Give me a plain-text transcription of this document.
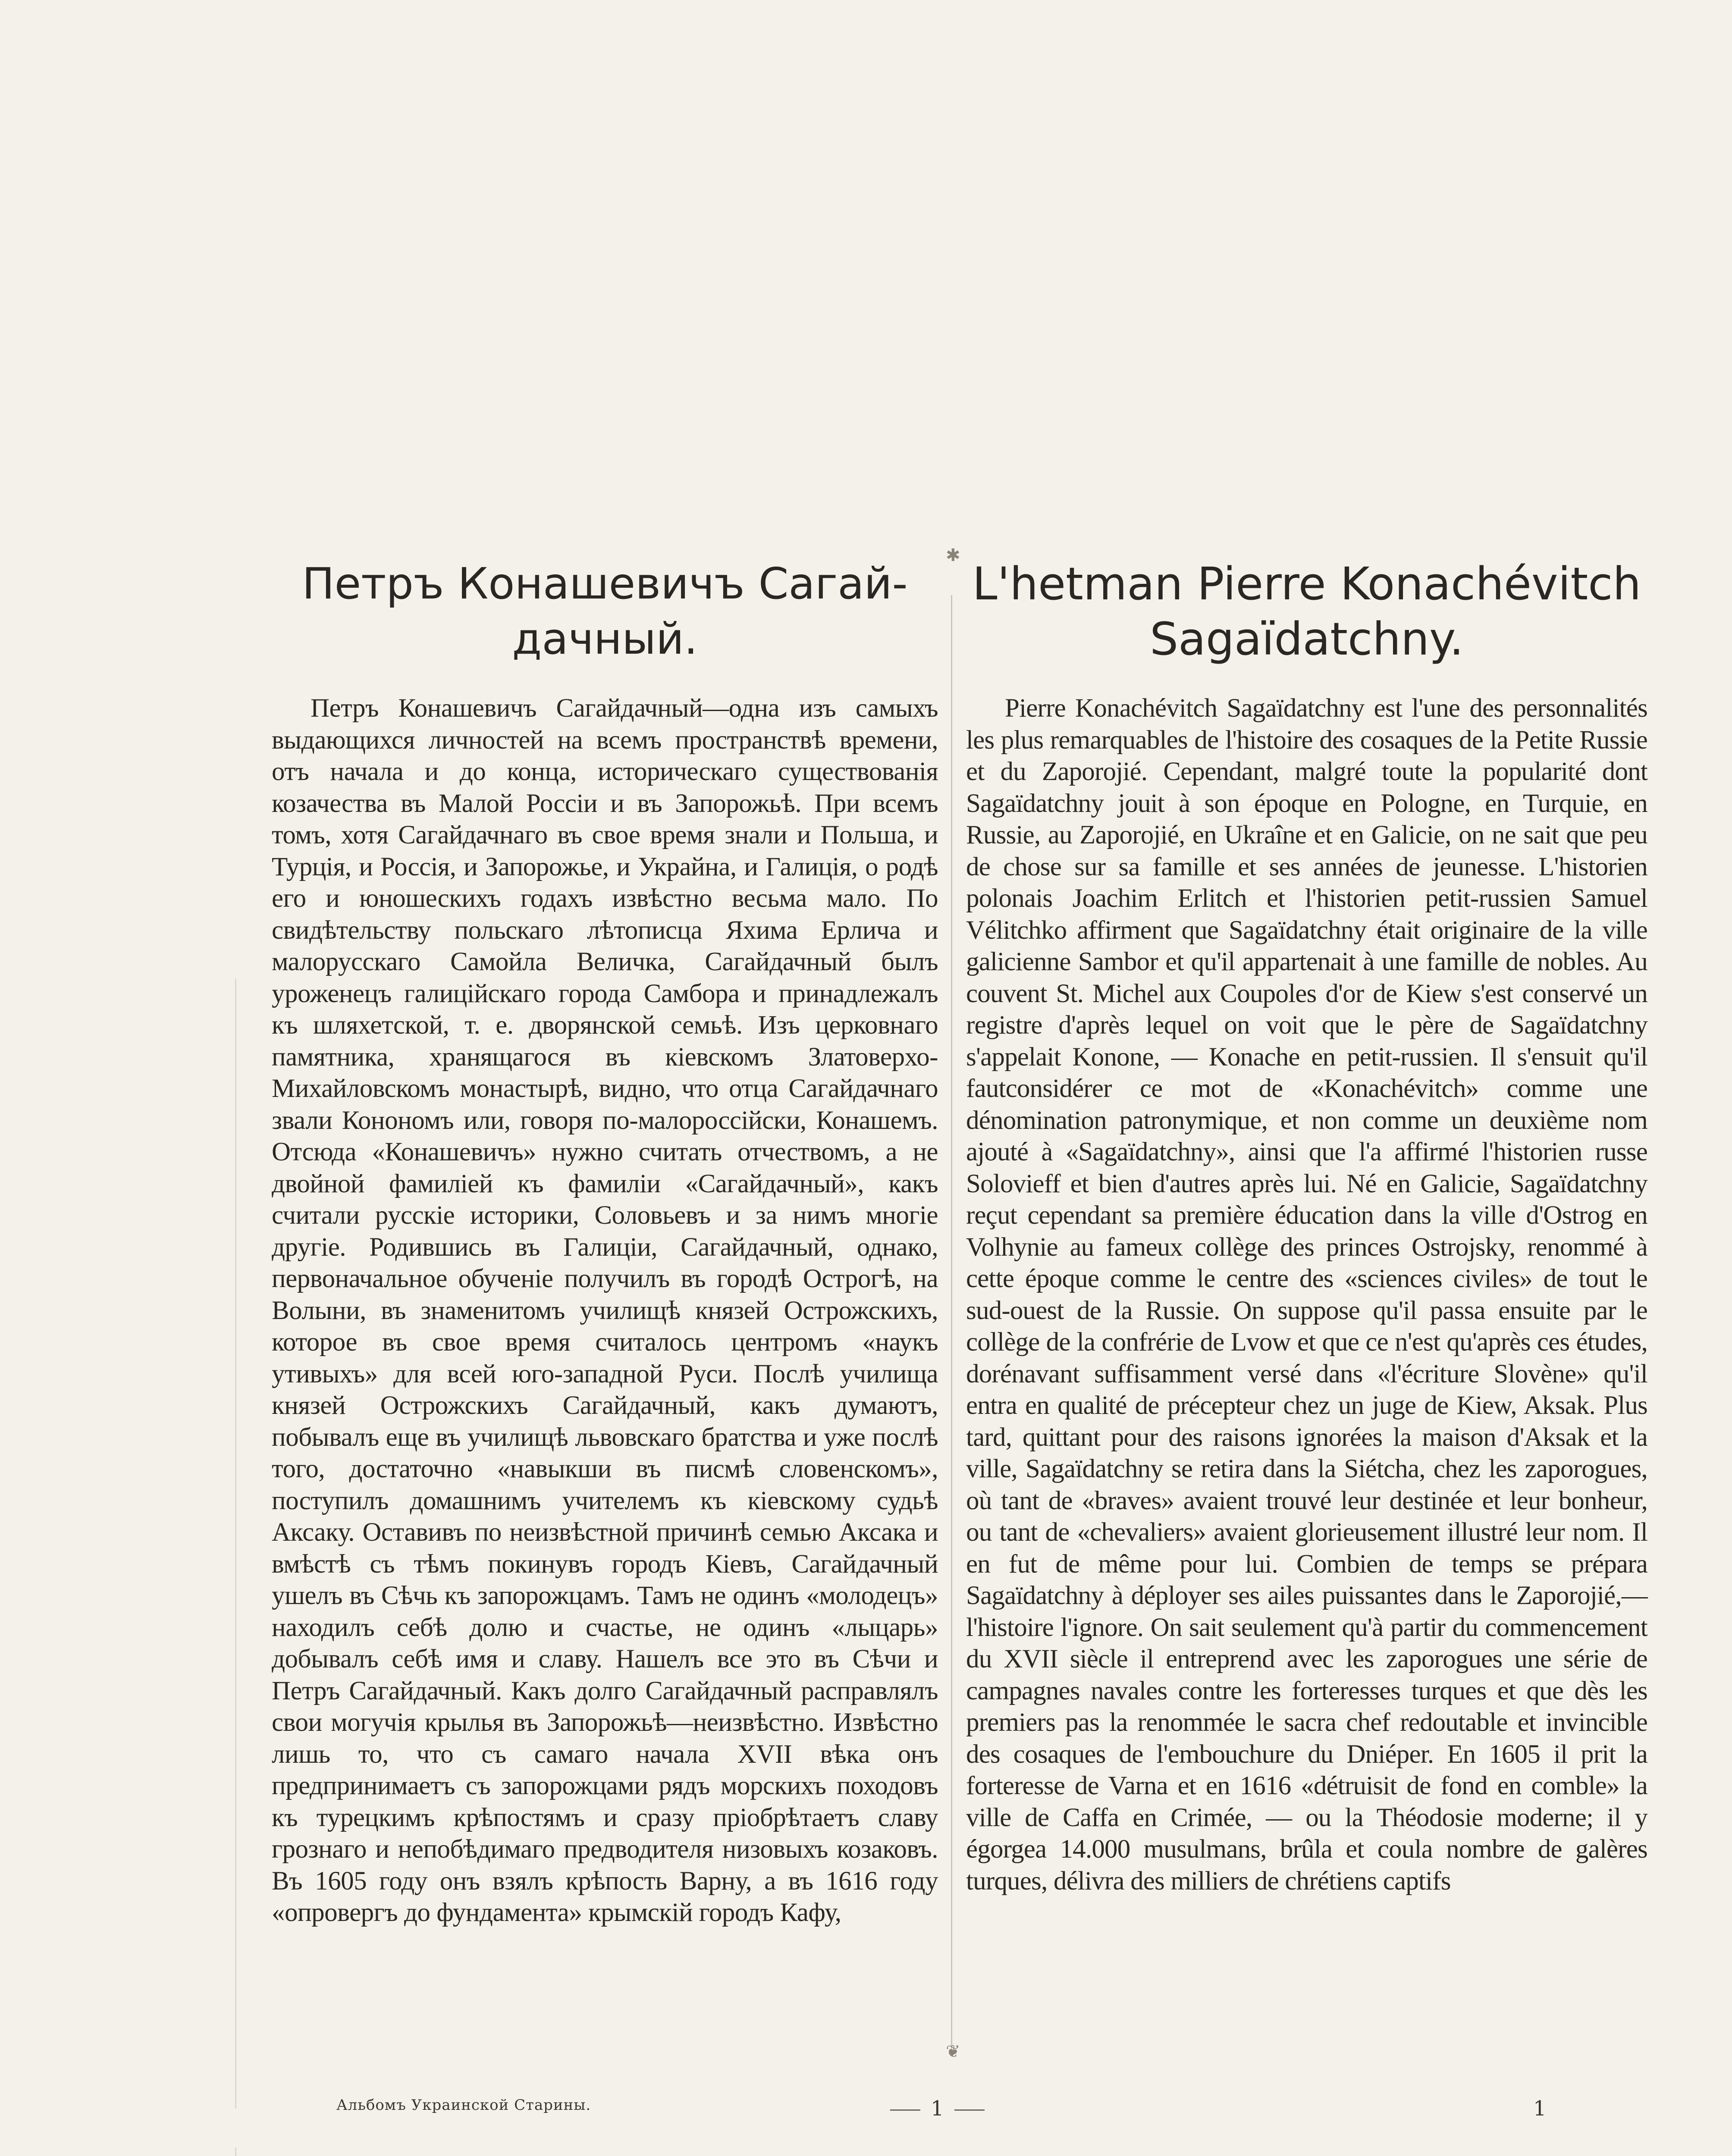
Петръ Конашевичъ Сагай-дачный.

Петръ Конашевичъ Сагайдачный—одна изъ самыхъ выдающихся личностей на всемъ пространствѣ времени, отъ начала и до конца, историческаго существованія козачества въ Малой Россіи и въ Запорожьѣ. При всемъ томъ, хотя Сагайдачнаго въ свое время знали и Польша, и Турція, и Россія, и Запорожье, и Украйна, и Галиція, о родѣ его и юношескихъ годахъ извѣстно весьма мало. По свидѣтельству польскаго лѣтописца Яхима Ерлича и малорусскаго Самойла Величка, Сагайдачный былъ уроженецъ галиційскаго города Самбора и принадлежалъ къ шляхетской, т. е. дворянской семьѣ. Изъ церковнаго памятника, хранящагося въ кіевскомъ Златоверхо-Михайловскомъ монастырѣ, видно, что отца Сагайдачнаго звали Конономъ или, говоря по-малороссійски, Конашемъ. Отсюда «Конашевичъ» нужно считать отчествомъ, а не двойной фамиліей къ фамиліи «Сагайдачный», какъ считали русскіе историки, Соловьевъ и за нимъ многіе другіе. Родившись въ Галиціи, Сагайдачный, однако, первоначальное обученіе получилъ въ городѣ Острогѣ, на Волыни, въ знаменитомъ училищѣ князей Острожскихъ, которое въ свое время считалось центромъ «наукъ утивыхъ» для всей юго-западной Руси. Послѣ училища князей Острожскихъ Сагайдачный, какъ думаютъ, побывалъ еще въ училищѣ львовскаго братства и уже послѣ того, достаточно «навыкши въ писмѣ словенскомъ», поступилъ домашнимъ учителемъ къ кіевскому судьѣ Аксаку. Оставивъ по неизвѣстной причинѣ семью Аксака и вмѣстѣ съ тѣмъ покинувъ городъ Кіевъ, Сагайдачный ушелъ въ Сѣчь къ запорожцамъ. Тамъ не одинъ «молодецъ» находилъ себѣ долю и счастье, не одинъ «лыцарь» добывалъ себѣ имя и славу. Нашелъ все это въ Сѣчи и Петръ Сагайдачный. Какъ долго Сагайдачный расправлялъ свои могучія крылья въ Запорожьѣ—неизвѣстно. Извѣстно лишь то, что съ самаго начала XVII вѣка онъ предпринимаетъ съ запорожцами рядъ морскихъ походовъ къ турецкимъ крѣпостямъ и сразу пріобрѣтаетъ славу грознаго и непобѣдимаго предводителя низовыхъ козаковъ. Въ 1605 году онъ взялъ крѣпость Варну, а въ 1616 году «опровергъ до фундамента» крымскій городъ Кафу,

✱
❦
L'hetman Pierre Konachévitch Sagaïdatchny.

Pierre Konachévitch Sagaïdatchny est l'une des personnalités les plus remarquables de l'histoire des cosaques de la Petite Russie et du Zaporojié. Cependant, malgré toute la popularité dont Sagaïdatchny jouit à son époque en Pologne, en Turquie, en Russie, au Zaporojié, en Ukraîne et en Galicie, on ne sait que peu de chose sur sa famille et ses années de jeunesse. L'historien polonais Joachim Erlitch et l'historien petit-russien Samuel Vélitchko affirment que Sagaïdatchny était originaire de la ville galicienne Sambor et qu'il appartenait à une famille de nobles. Au couvent St. Michel aux Coupoles d'or de Kiew s'est conservé un registre d'après lequel on voit que le père de Sagaïdatchny s'appelait Konone, — Konache en petit-russien. Il s'ensuit qu'il fautconsidérer ce mot de «Konachévitch» comme une dénomination patronymique, et non comme un deuxième nom ajouté à «Sagaïdatchny», ainsi que l'a affirmé l'historien russe Solovieff et bien d'autres après lui. Né en Galicie, Sagaïdatchny reçut cependant sa première éducation dans la ville d'Ostrog en Volhynie au fameux collège des princes Ostrojsky, renommé à cette époque comme le centre des «sciences civiles» de tout le sud-ouest de la Russie. On suppose qu'il passa ensuite par le collège de la confrérie de Lvow et que ce n'est qu'après ces études, dorénavant suffisamment versé dans «l'écriture Slovène» qu'il entra en qualité de précepteur chez un juge de Kiew, Aksak. Plus tard, quittant pour des raisons ignorées la maison d'Aksak et la ville, Sagaïdatchny se retira dans la Siétcha, chez les zaporogues, où tant de «braves» avaient trouvé leur destinée et leur bonheur, ou tant de «chevaliers» avaient glorieusement illustré leur nom. Il en fut de même pour lui. Combien de temps se prépara Sagaïdatchny à déployer ses ailes puissantes dans le Zaporojié,—l'histoire l'ignore. On sait seulement qu'à partir du commencement du XVII siècle il entreprend avec les zaporogues une série de campagnes navales contre les forteresses turques et que dès les premiers pas la renommée le sacra chef redoutable et invincible des cosaques de l'embouchure du Dniéper. En 1605 il prit la forteresse de Varna et en 1616 «détruisit de fond en comble» la ville de Caffa en Crimée, — ou la Théodosie moderne; il y égorgea 14.000 musulmans, brûla et coula nombre de galères turques, délivra des milliers de chrétiens captifs

Альбомъ Украинской Старины.	1	1
